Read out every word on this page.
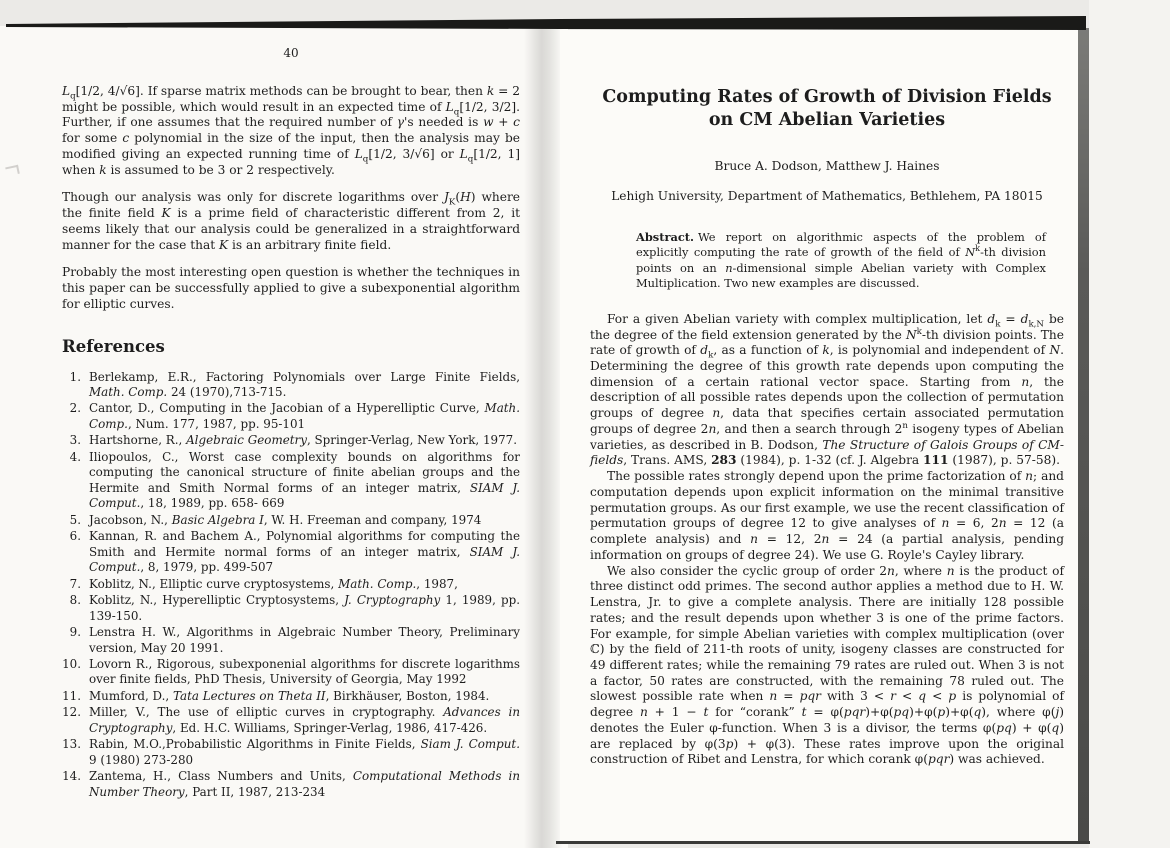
40

$L_q[1/2$, 4/√6]. If sparse matrix methods can be brought to bear, then k = 2 might be possible, which would result in an expected time of $L_q[1/2$, 3/2]. Further, if one assumes that the required number of γ's needed is w + c for some c polynomial in the size of the input, then the analysis may be modified giving an expected running time of $L_q[1/2$, 3/√6] or $L_q[1/2$, 1] when k is assumed to be 3 or 2 respectively.

Though our analysis was only for discrete logarithms over $J_K(H)$ where the finite field K is a prime field of characteristic different from 2, it seems likely that our analysis could be generalized in a straightforward manner for the case that K is an arbitrary finite field.

Probably the most interesting open question is whether the techniques in this paper can be successfully applied to give a subexponential algorithm for elliptic curves.

References
1. Berlekamp, E.R., Factoring Polynomials over Large Finite Fields, Math. Comp. 24 (1970),713-715.
2. Cantor, D., Computing in the Jacobian of a Hyperelliptic Curve, Math. Comp., Num. 177, 1987, pp. 95-101
3. Hartshorne, R., Algebraic Geometry, Springer-Verlag, New York, 1977.
4. Iliopoulos, C., Worst case complexity bounds on algorithms for computing the canonical structure of finite abelian groups and the Hermite and Smith Normal forms of an integer matrix, SIAM J. Comput., 18, 1989, pp. 658- 669
5. Jacobson, N., Basic Algebra I, W. H. Freeman and company, 1974
6. Kannan, R. and Bachem A., Polynomial algorithms for computing the Smith and Hermite normal forms of an integer matrix, SIAM J. Comput., 8, 1979, pp. 499-507
7. Koblitz, N., Elliptic curve cryptosystems, Math. Comp., 1987,
8. Koblitz, N., Hyperelliptic Cryptosystems, J. Cryptography 1, 1989, pp. 139-150.
9. Lenstra H. W., Algorithms in Algebraic Number Theory, Preliminary version, May 20 1991.
10. Lovorn R., Rigorous, subexponenial algorithms for discrete logarithms over finite fields, PhD Thesis, University of Georgia, May 1992
11. Mumford, D., Tata Lectures on Theta II, Birkhäuser, Boston, 1984.
12. Miller, V., The use of elliptic curves in cryptography. Advances in Cryptography, Ed. H.C. Williams, Springer-Verlag, 1986, 417-426.
13. Rabin, M.O.,Probabilistic Algorithms in Finite Fields, Siam J. Comput. 9 (1980) 273-280
14. Zantema, H., Class Numbers and Units, Computational Methods in Number Theory, Part II, 1987, 213-234
Computing Rates of Growth of Division Fields
on CM Abelian Varieties
Bruce A. Dodson, Matthew J. Haines
Lehigh University, Department of Mathematics, Bethlehem, PA 18015
Abstract. We report on algorithmic aspects of the problem of explicitly computing the rate of growth of the field of $N^k-th$ division points on an n-dimensional simple Abelian variety with Complex Multiplication. Two new examples are discussed.

For a given Abelian variety with complex multiplication, let $d_k = d_{k,N}$ be the degree of the field extension generated by the $N^k-th$ division points. The rate of growth of $d_k$, as a function of k, is polynomial and independent of N. Determining the degree of this growth rate depends upon computing the dimension of a certain rational vector space. Starting from n, the description of all possible rates depends upon the collection of permutation groups of degree n, data that specifies certain associated permutation groups of degree 2n, and then a search through 2$^n$ isogeny types of Abelian varieties, as described in B. Dodson, The Structure of Galois Groups of CM-fields, Trans. AMS, 283 (1984), p. 1-32 (cf. J. Algebra 111 (1987), p. 57-58).

The possible rates strongly depend upon the prime factorization of n; and computation depends upon explicit information on the minimal transitive permutation groups. As our first example, we use the recent classification of permutation groups of degree 12 to give analyses of n = 6, 2n = 12 (a complete analysis) and n = 12, 2n = 24 (a partial analysis, pending information on groups of degree 24). We use G. Royle's Cayley library.

We also consider the cyclic group of order 2n, where n is the product of three distinct odd primes. The second author applies a method due to H. W. Lenstra, Jr. to give a complete analysis. There are initially 128 possible rates; and the result depends upon whether 3 is one of the prime factors. For example, for simple Abelian varieties with complex multiplication (over ℂ) by the field of 211-th roots of unity, isogeny classes are constructed for 49 different rates; while the remaining 79 rates are ruled out. When 3 is not a factor, 50 rates are constructed, with the remaining 78 ruled out. The slowest possible rate when n = pqr with 3 < r < q < p is polynomial of degree n + 1 − t for “corank” t = φ(pqr)+φ(pq)+φ(p)+φ(q), where φ(j) denotes the Euler φ-function. When 3 is a divisor, the terms φ(pq) + φ(q) are replaced by φ(3p) + φ(3). These rates improve upon the original construction of Ribet and Lenstra, for which corank φ(pqr) was achieved.
